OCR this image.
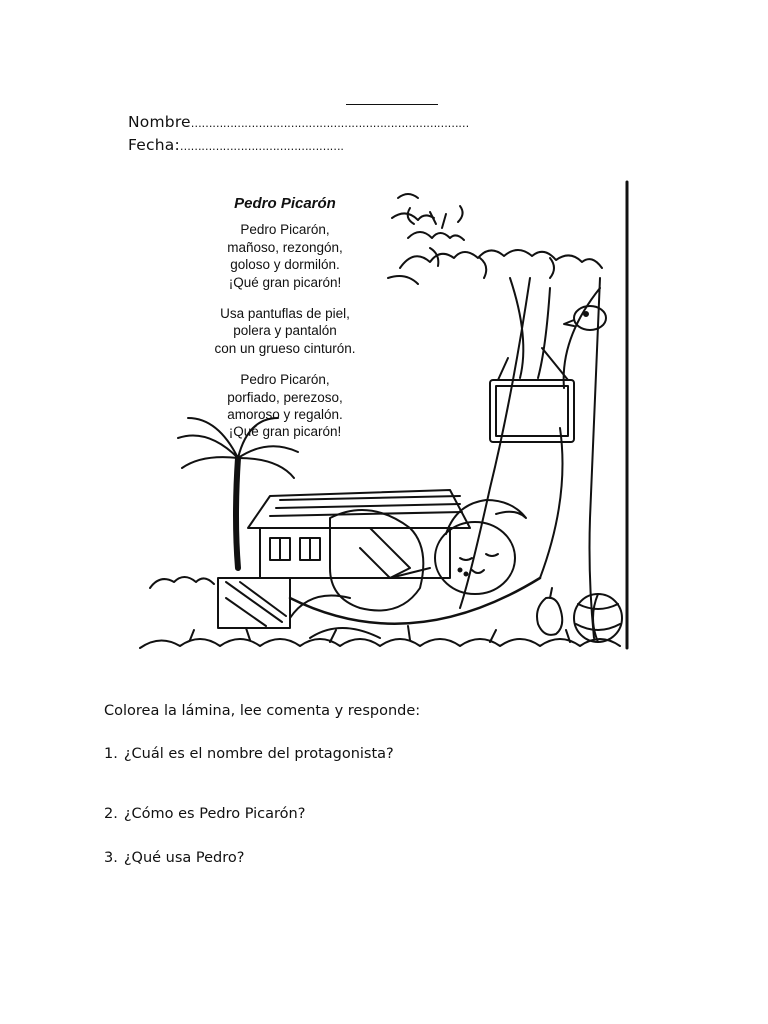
Nombre……………………………………………………………………
Fecha:……………………………………….
Pedro Picarón
Pedro Picarón,
mañoso, rezongón,
goloso y dormilón.
¡Qué gran picarón!
Usa pantuflas de piel,
polera y pantalón
con un grueso cinturón.
Pedro Picarón,
porfiado, perezoso,
amoroso y regalón.
¡Qué gran picarón!
Colorea la lámina, lee comenta y responde:
1. ¿Cuál es el nombre del protagonista?
2. ¿Cómo es Pedro Picarón?
3. ¿Qué usa Pedro?
